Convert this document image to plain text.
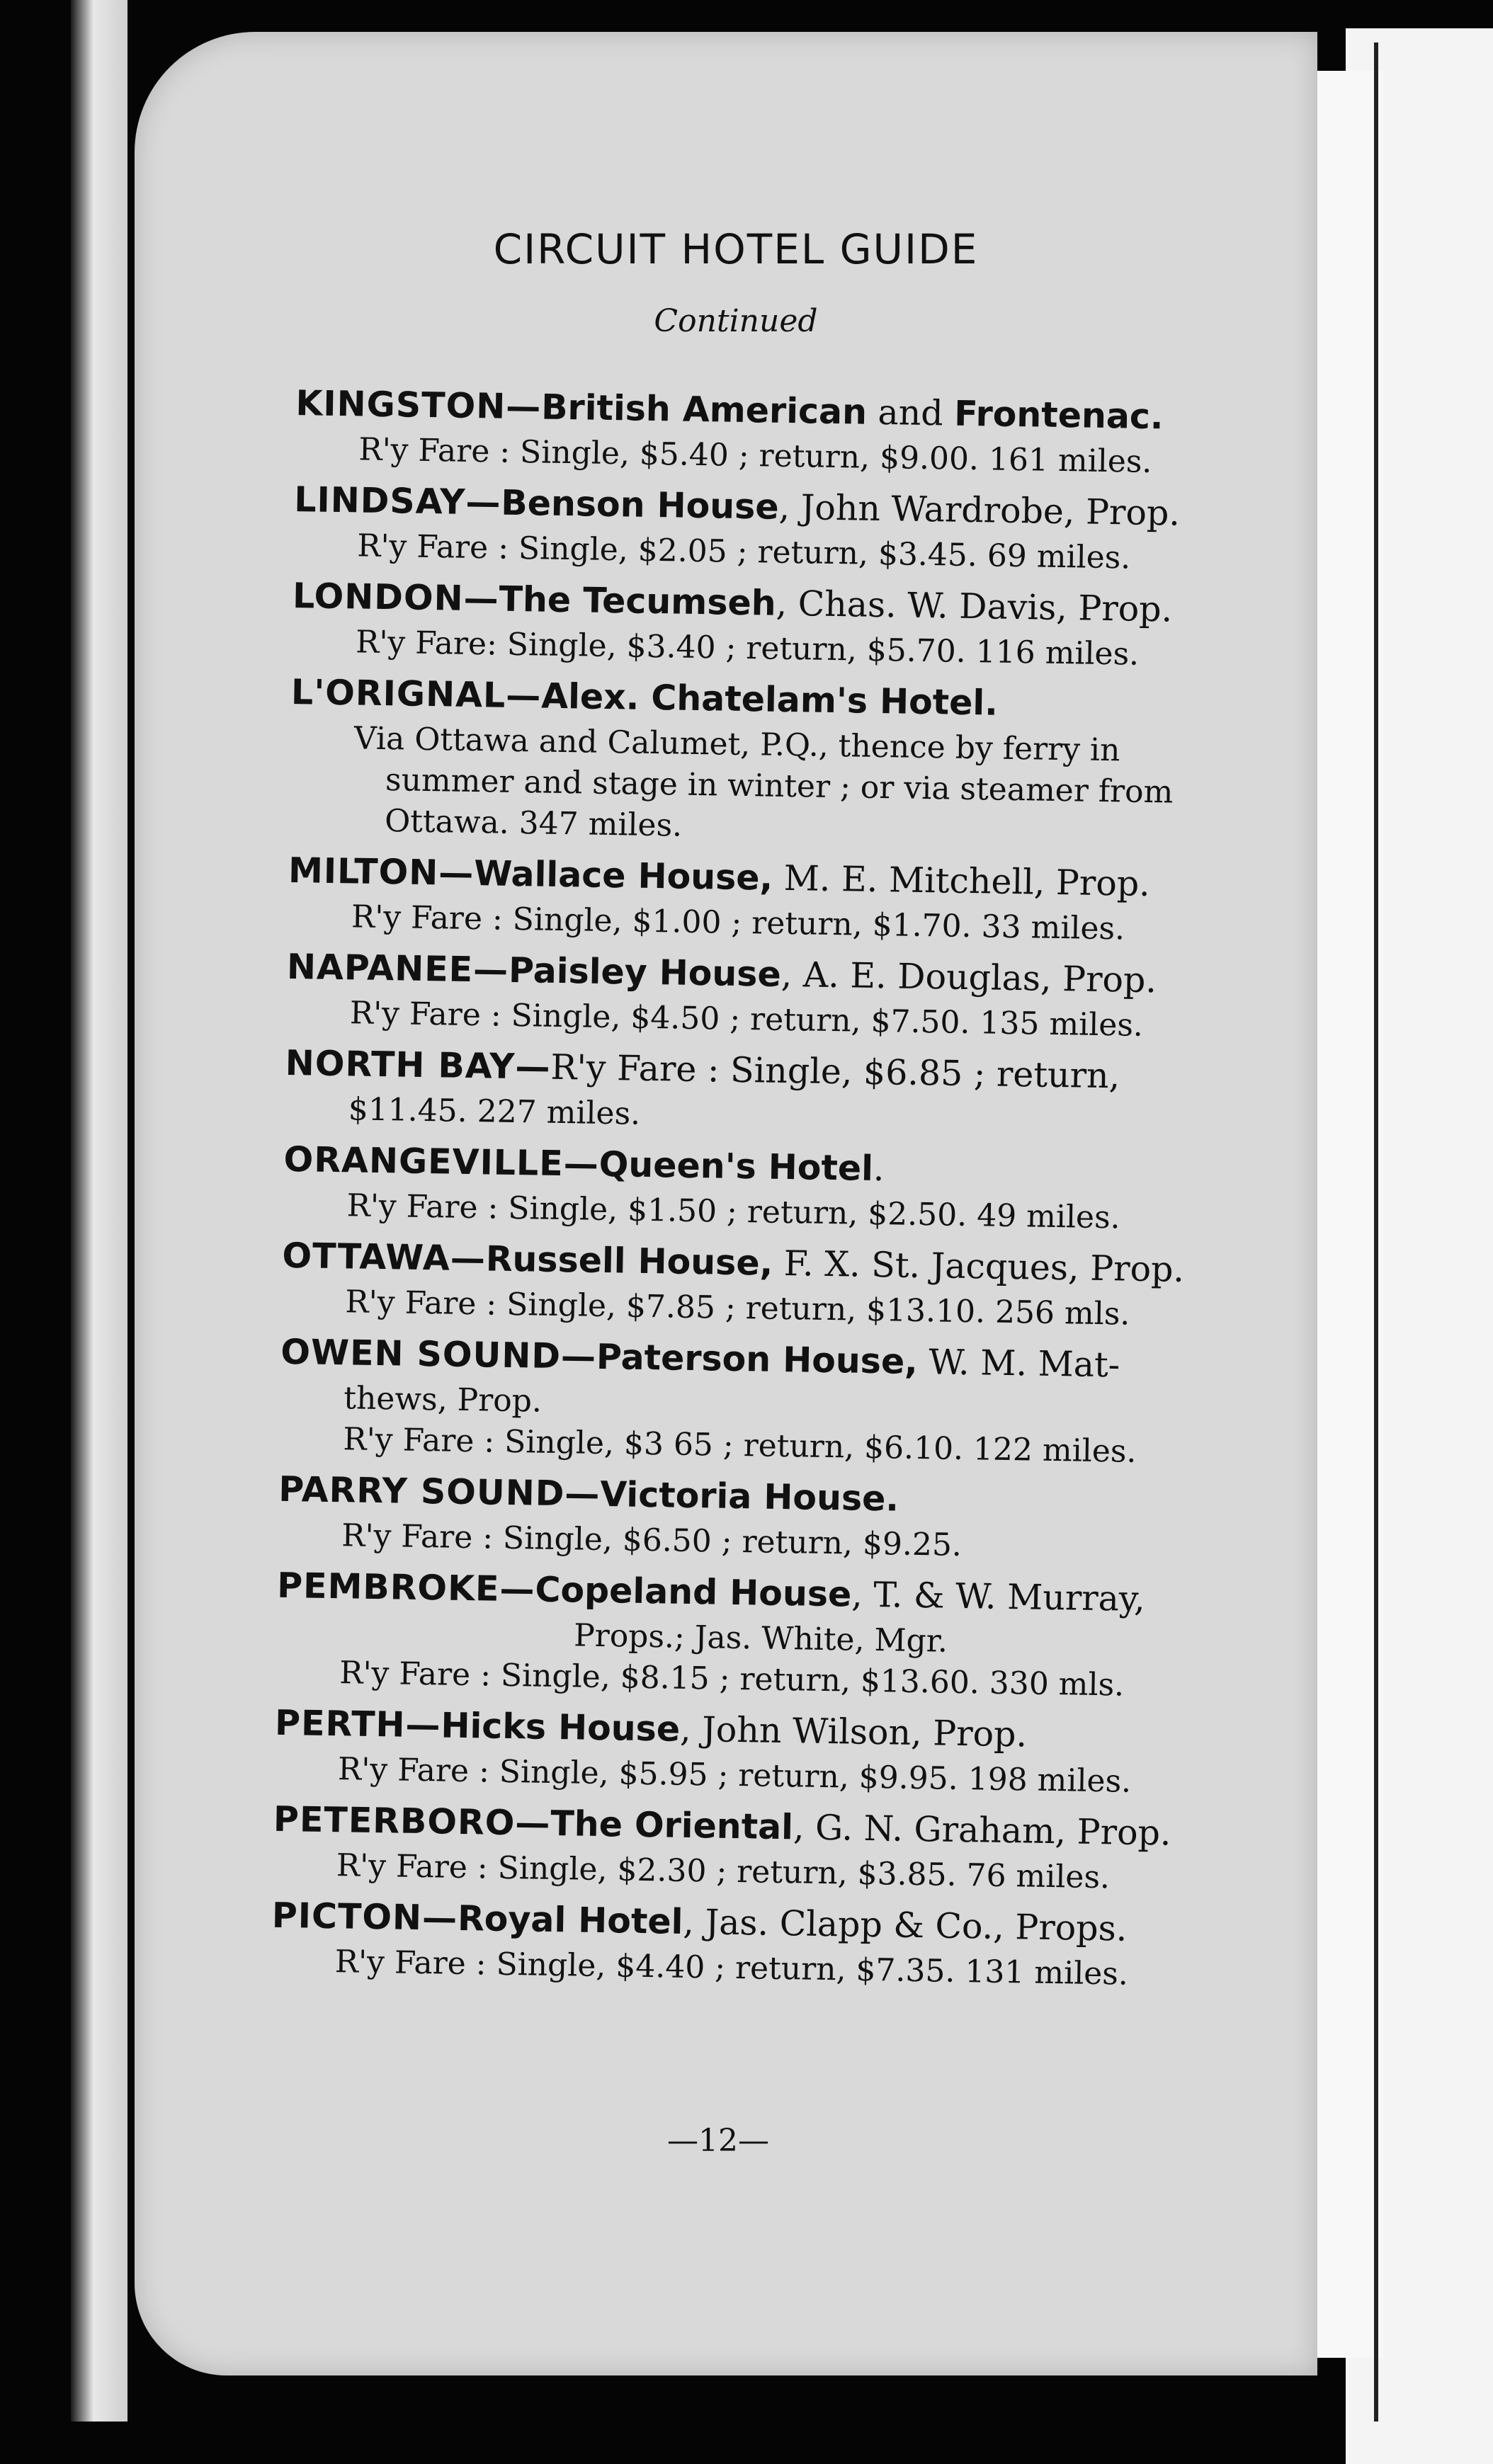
CIRCUIT HOTEL GUIDE
Continued
KINGSTON—British American and Frontenac.
R'y Fare : Single, $5.40 ; return, $9.00. 161 miles.
LINDSAY—Benson House, John Wardrobe, Prop.
R'y Fare : Single, $2.05 ; return, $3.45. 69 miles.
LONDON—The Tecumseh, Chas. W. Davis, Prop.
R'y Fare: Single, $3.40 ; return, $5.70. 116 miles.
L'ORIGNAL—Alex. Chatelam's Hotel.
Via Ottawa and Calumet, P.Q., thence by ferry in
summer and stage in winter ; or via steamer from
Ottawa. 347 miles.
MILTON—Wallace House, M. E. Mitchell, Prop.
R'y Fare : Single, $1.00 ; return, $1.70. 33 miles.
NAPANEE—Paisley House, A. E. Douglas, Prop.
R'y Fare : Single, $4.50 ; return, $7.50. 135 miles.
NORTH BAY—R'y Fare : Single, $6.85 ; return,
$11.45. 227 miles.
ORANGEVILLE—Queen's Hotel.
R'y Fare : Single, $1.50 ; return, $2.50. 49 miles.
OTTAWA—Russell House, F. X. St. Jacques, Prop.
R'y Fare : Single, $7.85 ; return, $13.10. 256 mls.
OWEN SOUND—Paterson House, W. M. Mat-
thews, Prop.
R'y Fare : Single, $3 65 ; return, $6.10. 122 miles.
PARRY SOUND—Victoria House.
R'y Fare : Single, $6.50 ; return, $9.25.
PEMBROKE—Copeland House, T. & W. Murray,
Props.; Jas. White, Mgr.
R'y Fare : Single, $8.15 ; return, $13.60. 330 mls.
PERTH—Hicks House, John Wilson, Prop.
R'y Fare : Single, $5.95 ; return, $9.95. 198 miles.
PETERBORO—The Oriental, G. N. Graham, Prop.
R'y Fare : Single, $2.30 ; return, $3.85. 76 miles.
PICTON—Royal Hotel, Jas. Clapp & Co., Props.
R'y Fare : Single, $4.40 ; return, $7.35. 131 miles.
—12—
